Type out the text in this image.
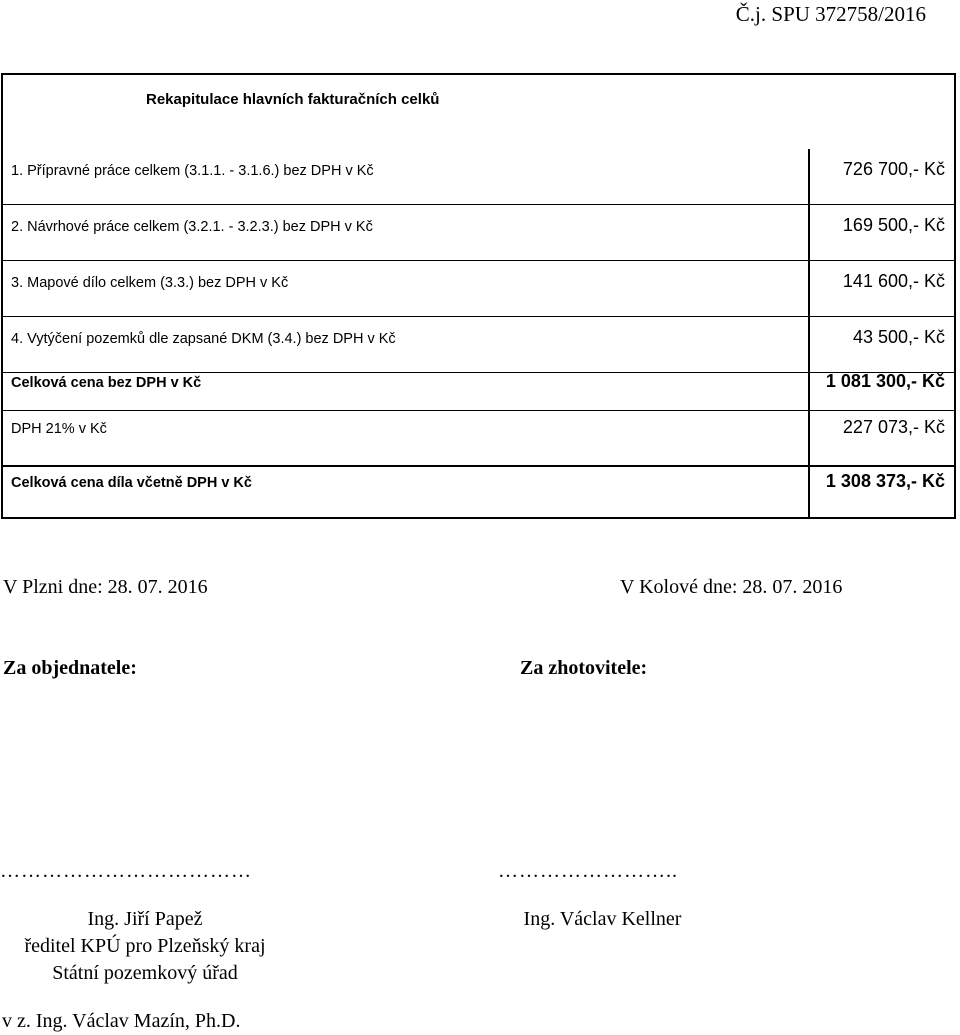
Č.j. SPU 372758/2016
Rekapitulace hlavních fakturačních celků
1. Přípravné práce celkem (3.1.1. - 3.1.6.) bez DPH v Kč	726 700,- Kč
2. Návrhové práce celkem (3.2.1. - 3.2.3.) bez DPH v Kč	169 500,- Kč
3. Mapové dílo celkem (3.3.) bez DPH v Kč	141 600,- Kč
4. Vytýčení pozemků dle zapsané DKM (3.4.) bez DPH v Kč	43 500,- Kč
Celková cena bez DPH v Kč	1 081 300,- Kč
DPH 21% v Kč	227 073,- Kč
Celková cena díla včetně DPH v Kč	1 308 373,- Kč
V Plzni dne: 28. 07. 2016	V Kolové dne: 28. 07. 2016
Za objednatele:	Za zhotovitele:
………………………………	……………………..
Ing. Jiří Papež
ředitel KPÚ pro Plzeňský kraj
Státní pozemkový úřad
Ing. Václav Kellner
v z. Ing. Václav Mazín, Ph.D.
